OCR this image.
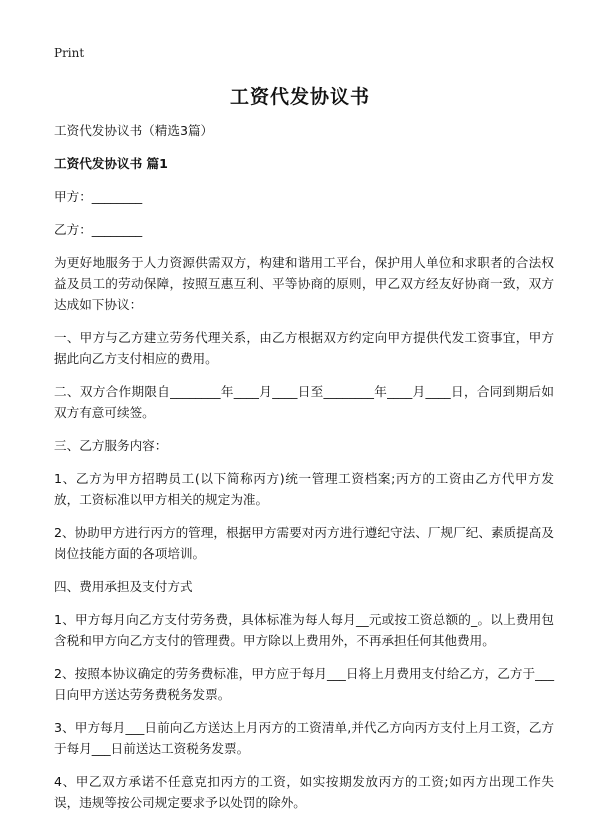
Print
工资代发协议书

工资代发协议书（精选3篇）

工资代发协议书 篇1

甲方：________

乙方：________

为更好地服务于人力资源供需双方，构建和谐用工平台，保护用人单位和求职者的合法权益及员工的劳动保障，按照互惠互利、平等协商的原则，甲乙双方经友好协商一致，双方达成如下协议：

一、甲方与乙方建立劳务代理关系，由乙方根据双方约定向甲方提供代发工资事宜，甲方据此向乙方支付相应的费用。

二、双方合作期限自________年____月____日至________年____月____日，合同到期后如双方有意可续签。

三、乙方服务内容：

1、乙方为甲方招聘员工(以下简称丙方)统一管理工资档案;丙方的工资由乙方代甲方发放，工资标准以甲方相关的规定为准。

2、协助甲方进行丙方的管理，根据甲方需要对丙方进行遵纪守法、厂规厂纪、素质提高及岗位技能方面的各项培训。

四、费用承担及支付方式

1、甲方每月向乙方支付劳务费，具体标准为每人每月__元或按工资总额的_。以上费用包含税和甲方向乙方支付的管理费。甲方除以上费用外，不再承担任何其他费用。

2、按照本协议确定的劳务费标准，甲方应于每月___日将上月费用支付给乙方，乙方于___日向甲方送达劳务费税务发票。

3、甲方每月___日前向乙方送达上月丙方的工资清单,并代乙方向丙方支付上月工资，乙方于每月___日前送达工资税务发票。

4、甲乙双方承诺不任意克扣丙方的工资，如实按期发放丙方的工资;如丙方出现工作失误，违规等按公司规定要求予以处罚的除外。
